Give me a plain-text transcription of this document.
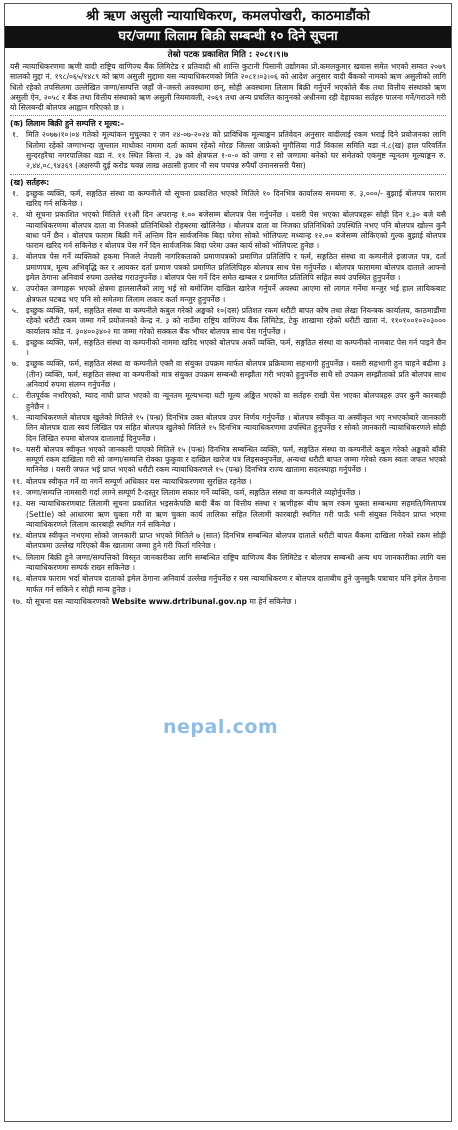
श्री ऋण असुली न्यायाधिकरण, कमलपोखरी, काठमाडौंको
घर/जग्गा लिलाम बिक्री सम्बन्धी १० दिने सूचना
तेस्रो पटक प्रकाशित मिति : २०८१।९।७
यसै न्यायाधिकरणमा ऋणी वादी राष्ट्रिय वाणिज्य बैंक लिमिटेड र प्रतिवादी श्री शान्ति कुटानी पिसानी उद्योगका प्रो.कमलकुमार खवास समेत भएको सम्वत २०७९ सालको मुद्दा नं. १९८/०६५/१४८९ को ऋण असुली मुद्दामा यस न्यायाधिकरणको मिति २०८१।०३।०६ को आदेश अनुसार वादी बैंकको नामको ऋण असुलीको लागि धितो रहेको तपसिलमा उल्लेखित जग्गा/सम्पत्ति जहाँ जे–जस्तो अवस्थामा छन्, सोही अवस्थामा लिलाम बिक्री गर्नुपर्ने भएकोले बैंक तथा वित्तीय संस्थाको ऋण असुली ऐन, २०५८ र बैंक तथा वित्तीय संस्थाको ऋण असुली नियमावली, २०६९ तथा अन्य प्रचलित कानुनको अधीनमा रही देहायका सर्तहरु पालना गर्ने/गराउने गरी यो सिलबन्दी बोलपत्र आह्वान गरिएको छ ।
(क) लिलाम बिक्री हुने सम्पत्ति र मूल्य:–
१.	मिति २०७७।१०।०४ गतेको मूल्यांकन मुचुल्का र जन २४-०७-२०२४ को प्राविधिक मूल्याङ्कन प्रतिवेदन अनुसार वादीलाई रकम भराई दिने प्रयोजनका लागि धितोमा रहेको जग्गाभन्दा जुम्लाल माथोका नाममा दर्ता कायम रहेको मोरङ जिल्ला जाफ्रेको मुगौलिया गाउँ विकास समिति वडा नं.८(ख) हाल परिवर्तित सुन्दरहरैचा नगरपालिका वडा नं. ११ स्थित कित्ता नं. ३७ को क्षेत्रफल १-०-० को जग्गा र सो जग्गामा बनेको घर समेतको एकमुष्ट न्यूनतम मूल्याङ्कन रु. २,४४,०८,९४३६९ (अक्षरुपी दुई करोड चवन्न लाख अठासी हजार नौ सय पचपन्न रुपैयाँ उनानसत्तरी पैसा)
(ख) सर्तहरू:
१.	इच्छुक व्यक्ति, फर्म, सङ्गठित संस्था वा कम्पनीले यो सूचना प्रकाशित भएको मितिले १० दिनभित्र कार्यालय समयमा रु. ३,०००/- बुझाई बोलपत्र फाराम खरिद गर्न सकिनेछ ।
२.	यो सूचना प्रकाशित भएको मितिले ११औं दिन अपरान्ह १.०० बजेसम्म बोलपत्र पेस गर्नुपर्नेछ । यसरी पेस भएका बोलपत्रहरू सोही दिन १.३० बजे यसै न्यायाधिकरणमा बोलपत्र दाता वा निजको प्रतिनिधिको रोहबरमा खोलिनेछ । बोलपत्र दाता वा निजका प्रतिनिधिको उपस्थिति नभए पनि बोलपत्र खोल्न कुनै बाधा पर्ने छैन । बोलपत्र फाराम बिक्री गर्ने अन्तिम दिन सार्वजनिक बिदा परेमा सोको भोलिपल्ट मध्यान्ह १२.०० बजेसम्म लोकिएको गुल्क बुझाई बोलपत्र फाराम खरिद गर्न सकिनेछ र बोलपत्र पेस गर्ने दिन सार्वजनिक बिदा परेमा उक्त कार्य सोको भोलिपल्ट हुनेछ ।
३.	बोलपत्र पेस गर्ने व्यक्तिको हकमा निजले नेपाली नागरिकताको प्रमाणपत्रको प्रमाणित प्रतिलिपि र फर्म, सङ्गठित संस्था वा कम्पनीले इजाजत पत्र, दर्ता प्रमाणपत्र, मूल्य अभिवृद्धि कर र आयकर दर्ता प्रमाण पत्रको प्रमाणित प्रतिलिपिहरु बोलपत्र साथ पेस गर्नुपर्नेछ । बोलपत्र फाराममा बोलपत्र दाताले आफ्नो इमेल ठेगाना अनिवार्य रुपमा उल्लेख गराउनुपर्नेछ । बोलपत्र पेस गर्ने दिन समेत खम्बल र प्रमाणित प्रतिलिपि सहित स्वयं उपस्थित हुनुपर्नेछ ।
४.	उपरोक्त जग्गाहरू भएको क्षेत्रमा हालसालैको लागु भई सो बमोजिम दाखिल खारेज गर्नुपर्ने अवस्था आएमा सो लागत गर्नेमा मन्जुर भई हाल लायिकबाट क्षेत्रफल घटबढ भए पनि सो समेतमा लिलाम लकार कर्ता मन्जुर हुनुपर्नेछ ।
५.	इच्छुक व्यक्ति, फर्म, सङ्गठित संस्था वा कम्पनीले कबुल गरेको अङ्कको १०(दस) प्रतिशत रकम धरौटी बापत कोष तथा लेखा नियन्त्रक कार्यालय, काठमाडौंमा रहेको धरौटी रकम जम्मा गर्ने प्रयोजनको केन्द्र नं. ३ को नाउँमा राष्ट्रिय वाणिज्य बैंक लिमिटेड, टेकु शाखामा रहेको धरौटी खाता नं. ११०१००१०२०३००० कार्यालय कोड नं. ३०४००३४०२ मा जम्मा गरेको सक्कल बैंक भौचर बोलपत्र साथ पेस गर्नुपर्नेछ ।
६.	इच्छुक व्यक्ति, फर्म, सङ्गठित संस्था वा कम्पनीको नाममा खरिद भएको बोलपत्र अर्को व्यक्ति, फर्म, सङ्गठित संस्था वा कम्पनीको नामबाट पेस गर्न पाइने छैन ।
७.	इच्छुक व्यक्ति, फर्म, सङ्गठित संस्था वा कम्पनीले एक्लै वा संयुक्त उपक्रम मार्फत बोलपत्र प्रक्रियामा सहभागी हुनुपर्नेछ । यसरी सहभागी हुन चाहने बढीमा ३ (तीन) व्यक्ति, फर्म, सङ्गठित संस्था वा कम्पनीको मात्र संयुक्त उपक्रम सम्बन्धी सम्झौता गरी भएको हुनुपर्नेछ साथै सो उपक्रम सम्झौताको प्रति बोलपत्र साथ अनिवार्य रुपमा संलग्न गर्नुपर्नेछ ।
८.	रीतपूर्वक नभरिएको, म्याद नाघी प्राप्त भएको वा न्यूनतम मूल्यभन्दा घटी मूल्य अङ्कित भएको वा सर्तहरु राखी पेस भएका बोलपत्रहरु उपर कुनै कारबाही हुनेछैन ।
९.	न्यायाधिकरणले बोलपत्र खुलेको मितिले १५ (पन्ध्र) दिनभित्र उक्त बोलपत्र उपर निर्णय गर्नुपर्नेछ । बोलपत्र स्वीकृत वा अस्वीकृत भए नभएकोबारे जानकारी लिन बोलपत्र दाता स्वयं लिखित पत्र सहित बोलपत्र खुलेको मितिले १५ दिनभित्र न्यायाधिकरणमा उपस्थित हुनुपर्नेछ र सोको जानकारी न्यायाधिकरणले सोही दिन लिखित रुपमा बोलपत्र दातालाई दिनुपर्नेछ ।
१०. यसरी बोलपत्र स्वीकृत भएको जानकारी पाएको मितिले १५ (पन्ध्र) दिनभित्र सम्बन्धित व्यक्ति, फर्म, सङ्गठित संस्था वा कम्पनीले कबुल गरेको अङ्कको बाँकी सम्पूर्ण रकम दाखिला गरी सो जग्गा/सम्पत्ति रोक्का फुकुवा र दाखिल खारेज पत्र लिइसक्नुपर्नेछ, अन्यथा धरौटी बापत जम्मा गरेको रकम स्वतः जफत भएको मानिनेछ । यसरी जफत भई प्राप्त भएको धरौटी रकम न्यायाधिकरणले १५ (पन्ध्र) दिनभित्र राज्य खातामा सदरस्याहा गर्नुपर्नेछ ।
११. बोलपत्र स्वीकृत गर्ने वा नगर्ने सम्पूर्ण अधिकार यस न्यायाधिकरणमा सुरक्षित रहनेछ ।
१२. जग्गा/सम्पत्ति नामसारी गर्दा लाग्ने सम्पूर्ण टै-दस्तुर लिलाम सकार गर्ने व्यक्ति, फर्म, सङ्गठित संस्था वा कम्पनीले व्यहोर्नुपर्नेछ ।
१३. यस न्यायाधिकरणबाट लिलामी सूचना प्रकाशित भइसकेपछि बादी बैंक वा वित्तीय संस्था र ऋणीहरू बीच ऋण रकम चुक्ता सम्बन्धमा सहमति/मिलापत्र (Settle) को आधारमा ऋण चुक्ता गरी वा ऋण चुक्ता कार्य तालिका सहित लिलामी कारबाही स्थगित गरी पाऊँ भनी संयुक्त निवेदन प्राप्त भएमा न्यायाधिकरणले लिलाम कारबाही स्थगित गर्न सकिनेछ ।
१४. बोलपत्र स्वीकृत नभएमा सोको जानकारी प्राप्त भएको मितिले ७ (सात) दिनभित्र सम्बन्धित बोलपत्र दाताले धरौटी बापत बैंकमा दाखिला गरेको रकम सोही बोलपत्रमा उल्लेख गरिएको बैंक खातामा जम्मा हुने गरी फिर्ता गरिनेछ ।
१५. लिलाम बिक्री हुने जग्गा/सम्पत्तिको विस्तृत जानकारीका लागि सम्बन्धित राष्ट्रिय वाणिज्य बैंक लिमिटेड र बोलपत्र सम्बन्धी अन्य थप जानकारीका लागि यस न्यायाधिकरणमा सम्पर्क राख्न सकिनेछ ।
१६. बोलपत्र फाराम भर्दा बोलपत्र दाताको इमेल ठेगाना अनिवार्य उल्लेख गर्नुपर्नेछ र यस न्यायाधिकरण र बोलपत्र दाताबीच हुने जुनसुकै पत्राचार पनि इमेल ठेगाना मार्फत गर्न सकिने र सोही मान्य हुनेछ ।
१७. यो सूचना यस न्यायाधिकरणको Website www.drtribunal.gov.np मा हेर्न सकिनेछ ।
nepal.com
